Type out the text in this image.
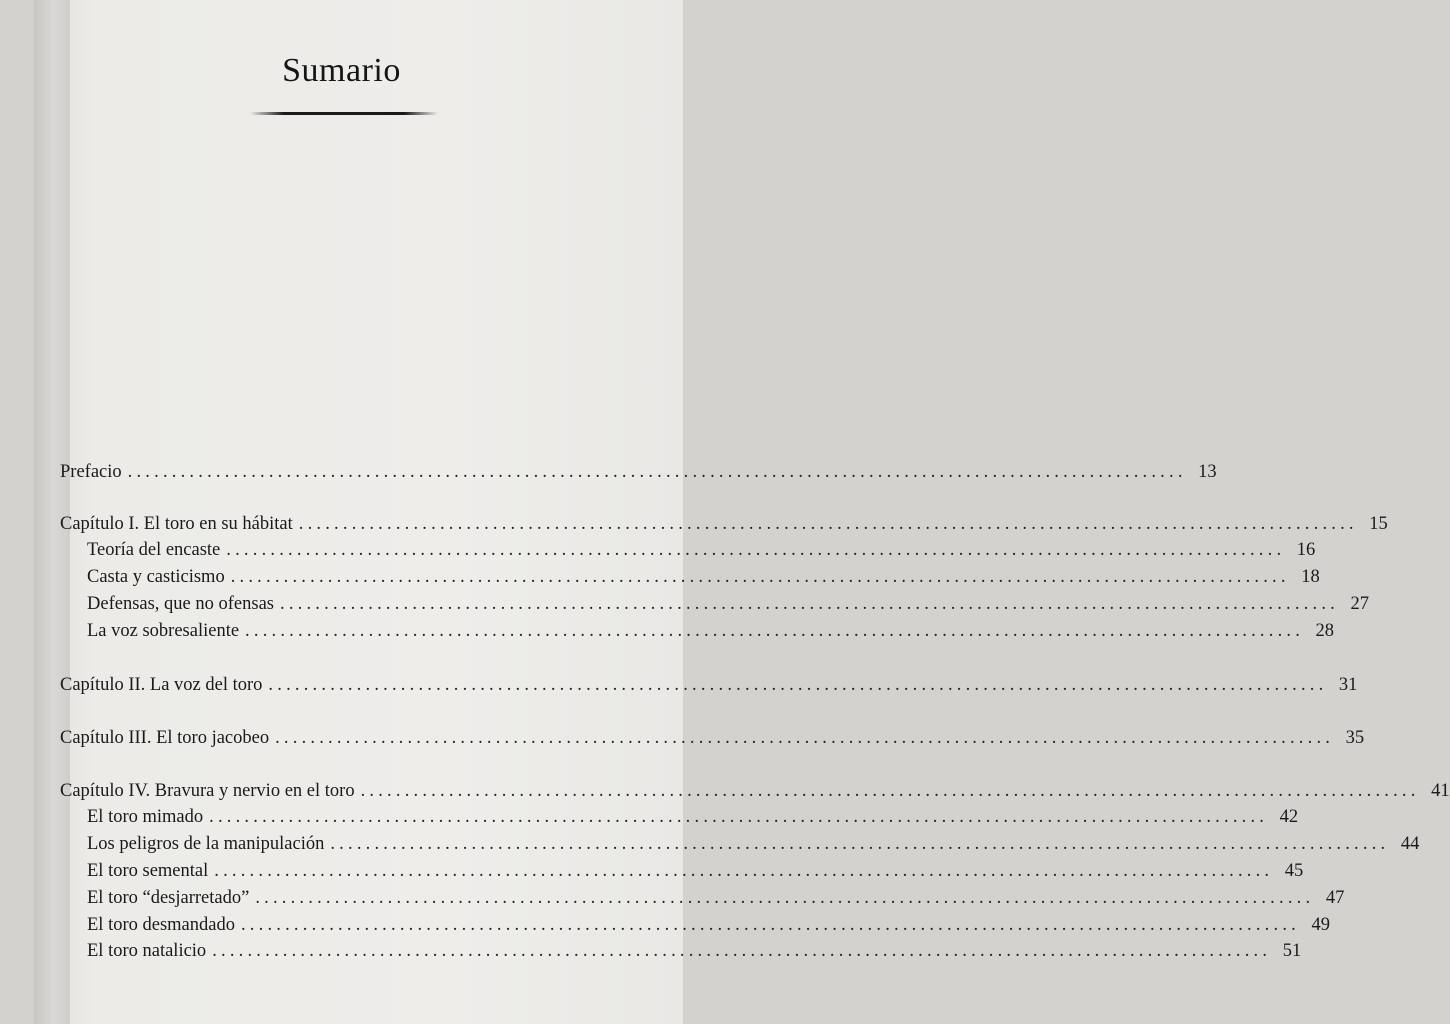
Sumario
Prefacio ........................................................................................................................ 13
Capítulo I. El toro en su hábitat ........................................................................................................................ 15
Teoría del encaste ........................................................................................................................ 16
Casta y casticismo ........................................................................................................................ 18
Defensas, que no ofensas ........................................................................................................................ 27
La voz sobresaliente ........................................................................................................................ 28
Capítulo II. La voz del toro ........................................................................................................................ 31
Capítulo III. El toro jacobeo ........................................................................................................................ 35
Capítulo IV. Bravura y nervio en el toro ........................................................................................................................ 41
El toro mimado ........................................................................................................................ 42
Los peligros de la manipulación ........................................................................................................................ 44
El toro semental ........................................................................................................................ 45
El toro “desjarretado” ........................................................................................................................ 47
El toro desmandado ........................................................................................................................ 49
El toro natalicio ........................................................................................................................ 51
